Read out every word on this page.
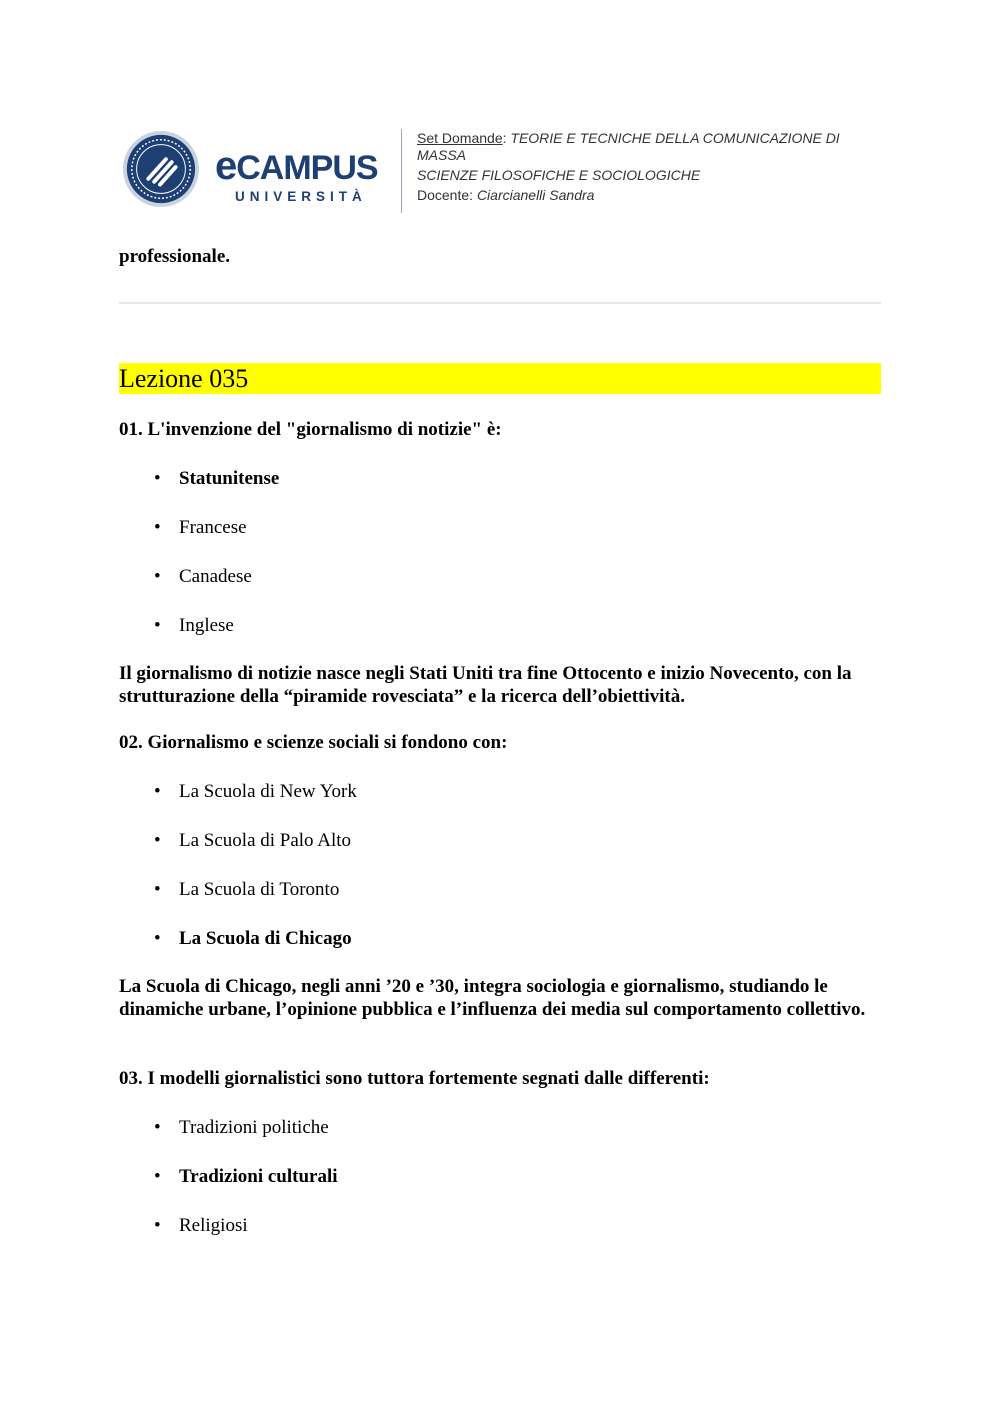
eCAMPUS
UNIVERSITÀ
Set Domande: TEORIE E TECNICHE DELLA COMUNICAZIONE DI MASSA
SCIENZE FILOSOFICHE E SOCIOLOGICHE
Docente: Ciarcianelli Sandra
professionale.
Lezione 035
01. L'invenzione del "giornalismo di notizie" è:
• Statunitense
• Francese
• Canadese
• Inglese
Il giornalismo di notizie nasce negli Stati Uniti tra fine Ottocento e inizio Novecento, con la strutturazione della “piramide rovesciata” e la ricerca dell’obiettività.
02. Giornalismo e scienze sociali si fondono con:
• La Scuola di New York
• La Scuola di Palo Alto
• La Scuola di Toronto
• La Scuola di Chicago
La Scuola di Chicago, negli anni ’20 e ’30, integra sociologia e giornalismo, studiando le dinamiche urbane, l’opinione pubblica e l’influenza dei media sul comportamento collettivo.
03. I modelli giornalistici sono tuttora fortemente segnati dalle differenti:
• Tradizioni politiche
• Tradizioni culturali
• Religiosi
